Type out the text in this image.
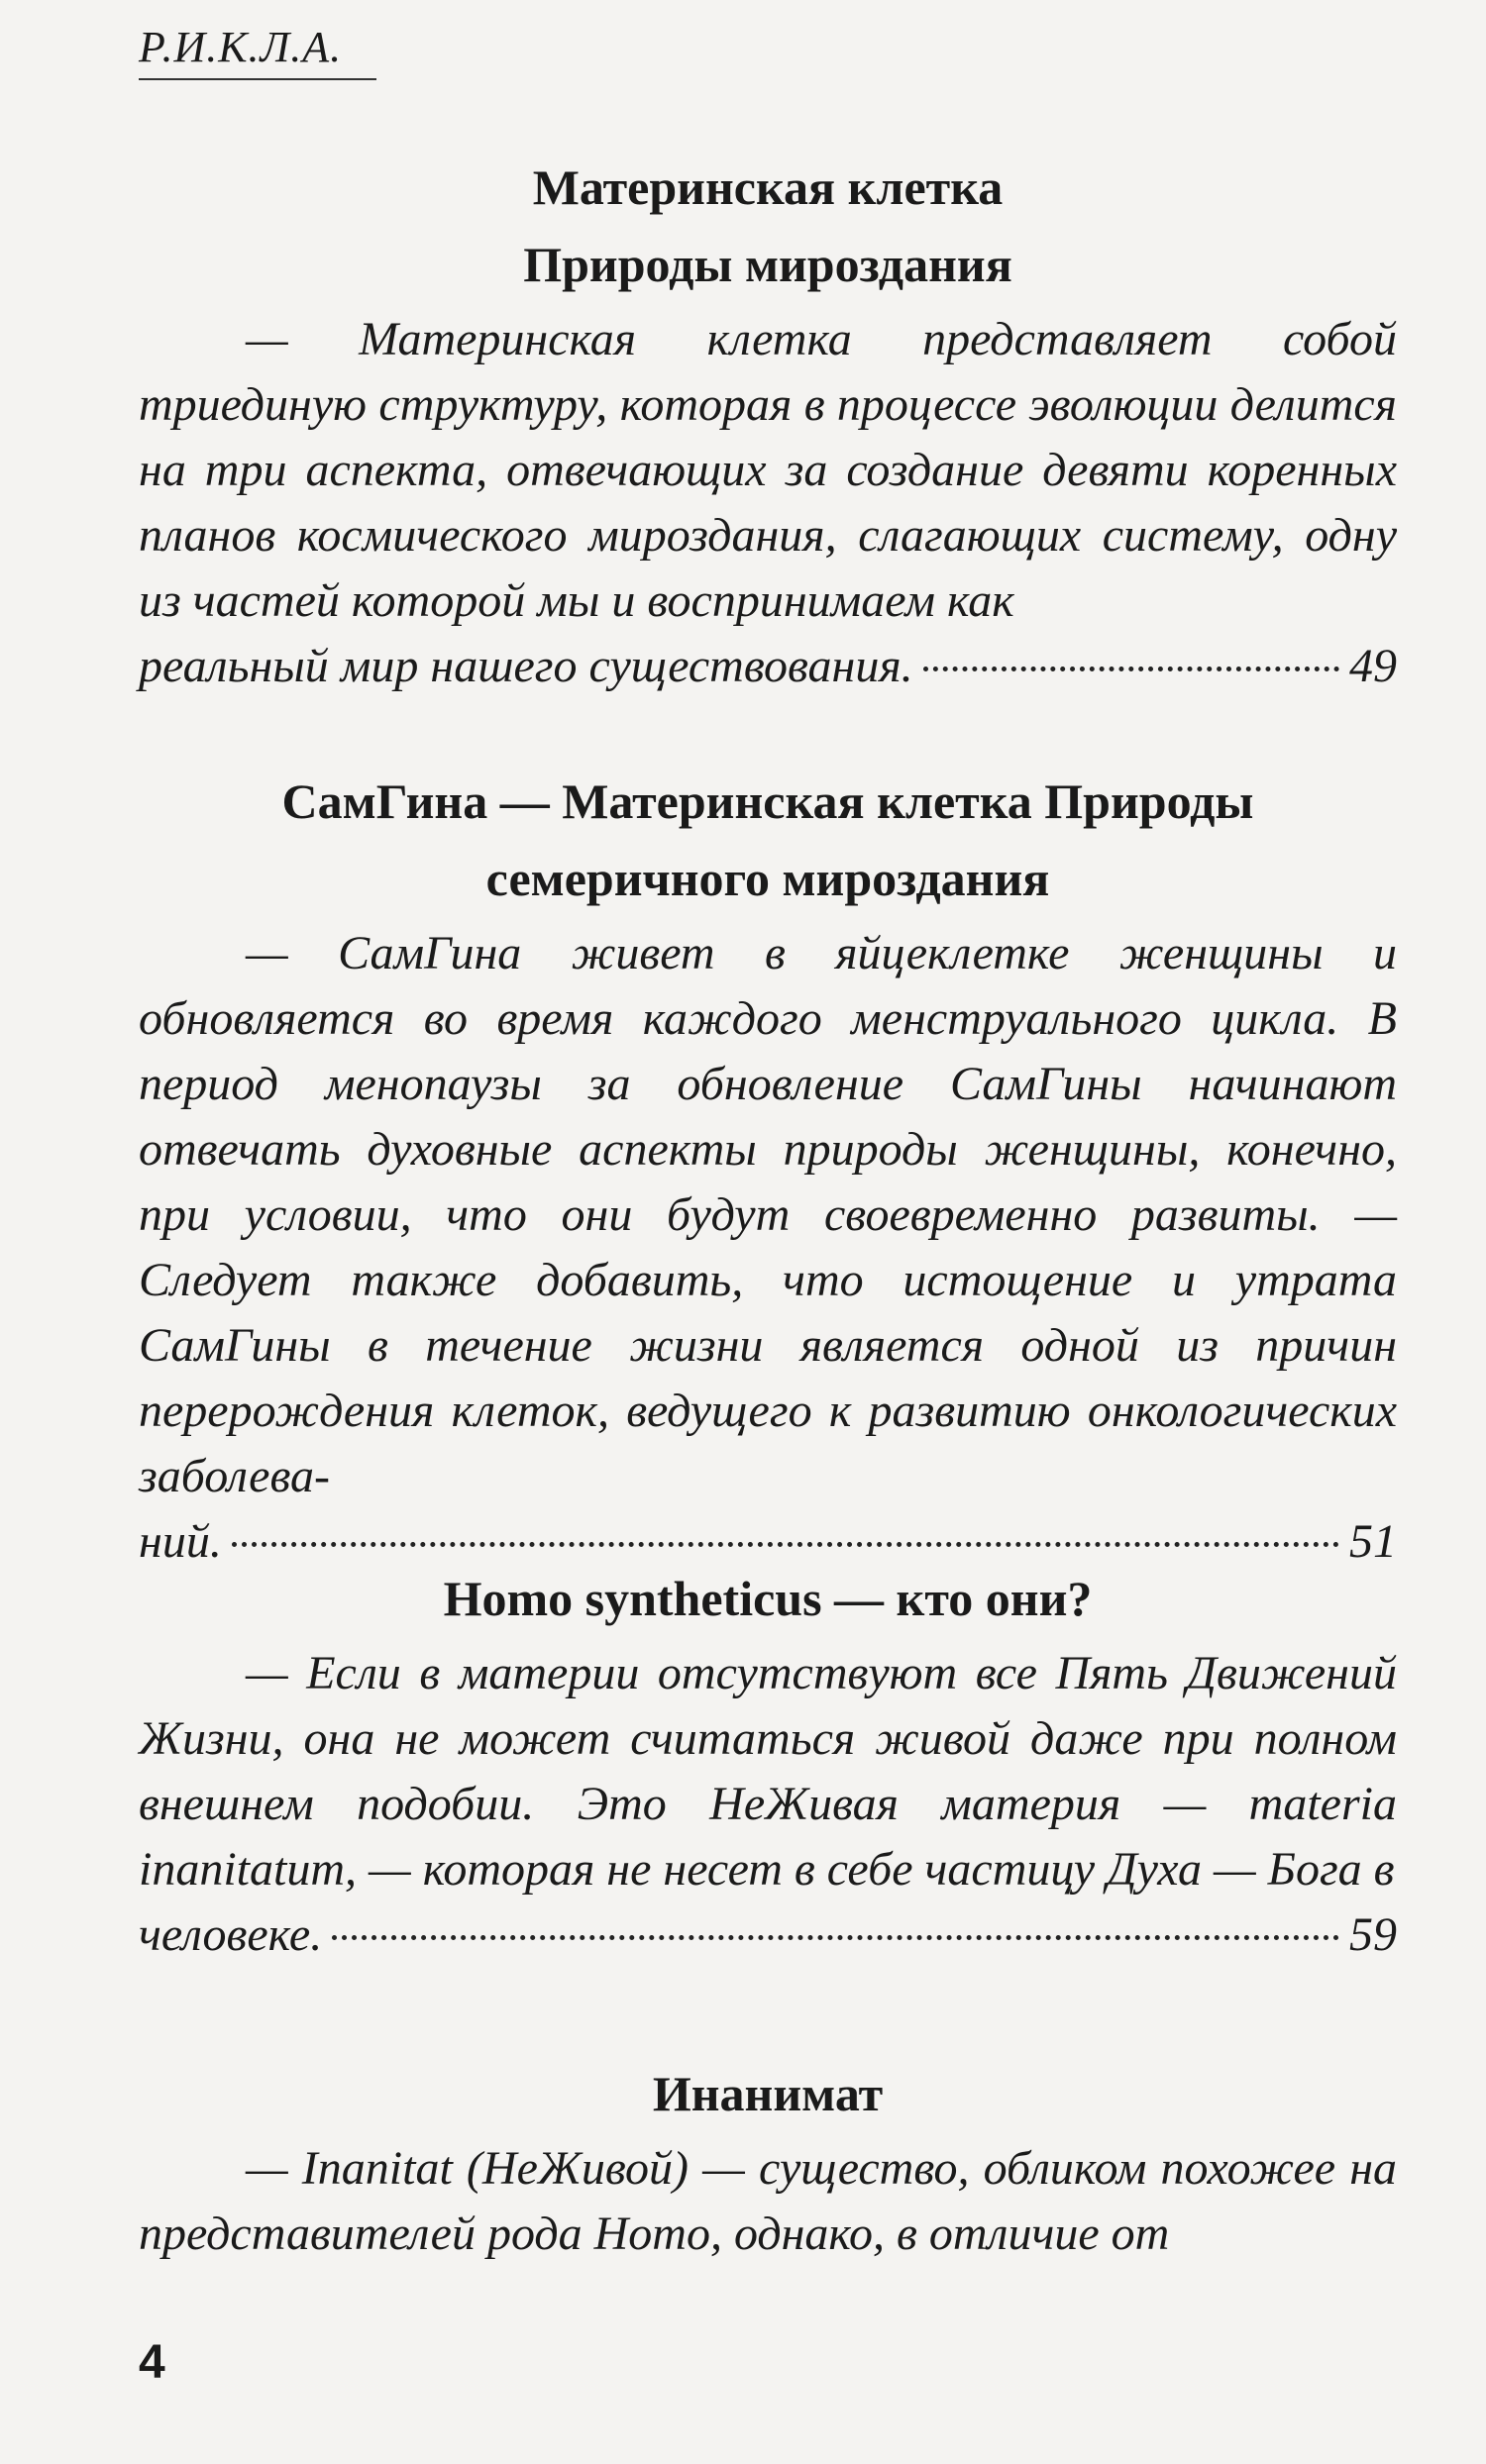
Р.И.К.Л.А.

Материнская клетка
Природы мироздания

— Материнская клетка представляет собой триединую структуру, которая в процессе эволюции делится на три аспекта, отвечающих за создание девяти коренных планов космического мироздания, слагающих систему, одну из частей которой мы и воспринимаем как

реальный мир нашего существования.	49

СамГина — Материнская клетка Природы
семеричного мироздания

— СамГина живет в яйцеклетке женщины и обновляется во время каждого менструального цикла. В период менопаузы за обновление СамГины начинают отвечать духовные аспекты природы женщины, конечно, при условии, что они будут своевременно развиты. — Следует также добавить, что истощение и утрата СамГины в течение жизни является одной из причин перерождения клеток, ведущего к развитию онкологических заболева-

ний.	51

Homo syntheticus — кто они?

— Если в материи отсутствуют все Пять Движений Жизни, она не может считаться живой даже при полном внешнем подобии. Это НеЖивая материя — materia inanitatum, — которая не несет в себе частицу Духа — Бога в

человеке.	59

Инанимат

— Inanitat (НеЖивой) — существо, обликом похожее на представителей рода Homo, однако, в отличие от

4
